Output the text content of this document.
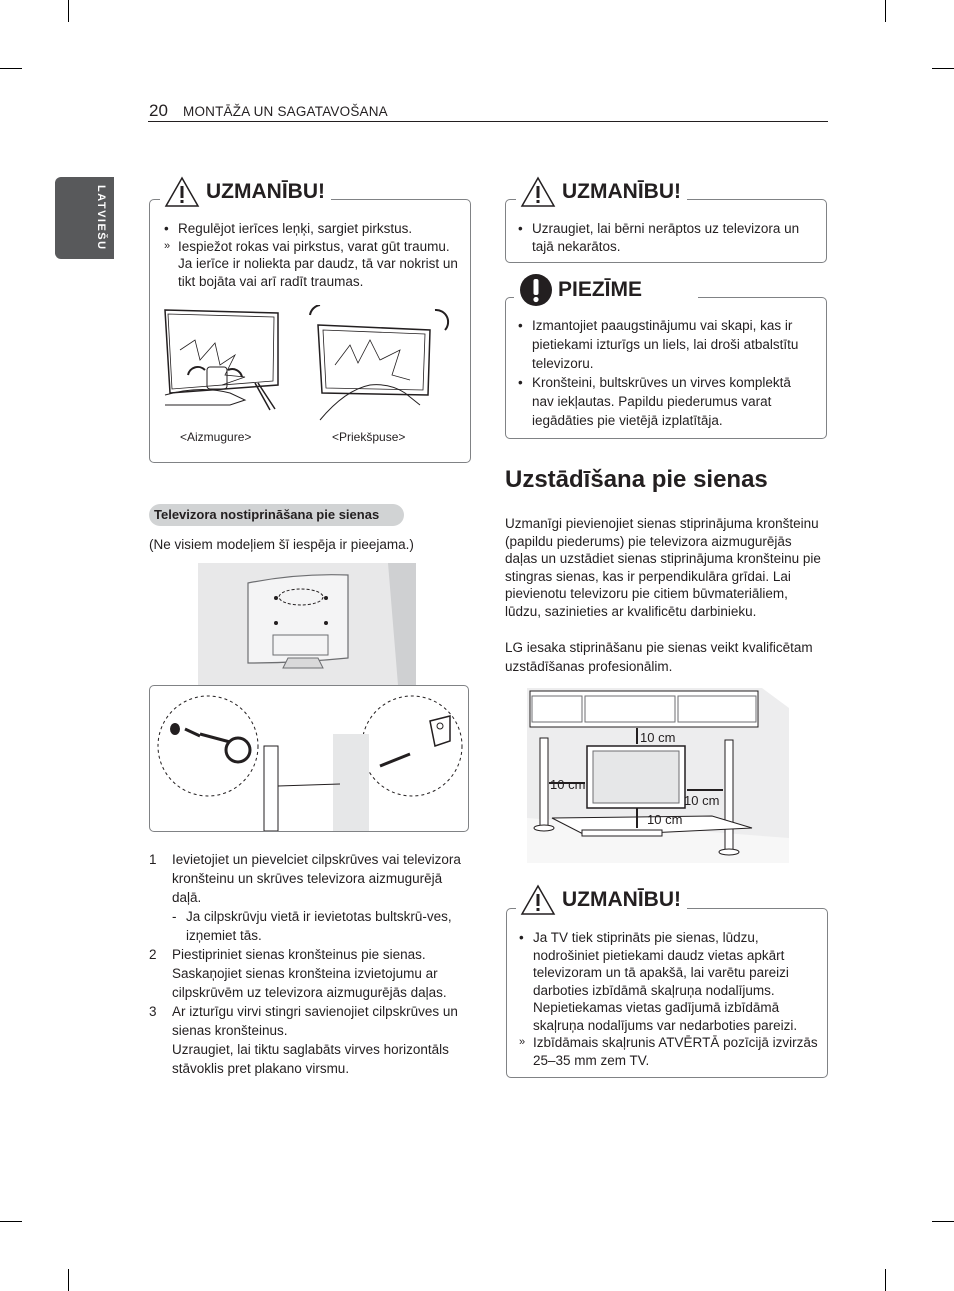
20 MONTĀŽA UN SAGATAVOŠANA
LATVIEŠU
•	Regulējot ierīces leņķi, sargiet pirkstus.
» Iespiežot rokas vai pirkstus, varat gūt traumu. Ja ierīce ir noliekta par daudz, tā var nokrist un tikt bojāta vai arī radīt traumas.
<Aizmugure>	<Priekšpuse>
UZMANĪBU!
Televizora nostiprināšana pie sienas
(Ne visiem modeļiem šī iespēja ir pieejama.)
1 Ievietojiet un pievelciet cilpskrūves vai televizora kronšteinu un skrūves televizora aizmugurējā daļā.
- Ja cilpskrūvju vietā ir ievietotas bultskrū-ves, izņemiet tās.
2 Piestipriniet sienas kronšteinus pie sienas. Saskaņojiet sienas kronšteina izvietojumu ar cilpskrūvēm uz televizora aizmugurējās daļas.
3 Ar izturīgu virvi stingri savienojiet cilpskrūves un sienas kronšteinus.
Uzraugiet, lai tiktu saglabāts virves horizontāls stāvoklis pret plakano virsmu.
• Uzraugiet, lai bērni nerāptos uz televizora un tajā nekarātos.
UZMANĪBU!
• Izmantojiet paaugstinājumu vai skapi, kas ir pietiekami izturīgs un liels, lai droši atbalstītu televizoru.
• Kronšteini, bultskrūves un virves komplektā nav iekļautas. Papildu piederumus varat iegādāties pie vietējā izplatītāja.
PIEZĪME
Uzstādīšana pie sienas
Uzmanīgi pievienojiet sienas stiprinājuma kronšteinu (papildu piederums) pie televizora aizmugurējās daļas un uzstādiet sienas stiprinājuma kronšteinu pie stingras sienas, kas ir perpendikulāra grīdai. Lai pievienotu televizoru pie citiem būvmateriāliem, lūdzu, sazinieties ar kvalificētu darbinieku.
LG iesaka stiprināšanu pie sienas veikt kvalificētam uzstādīšanas profesionālim.
10 cm
10 cm
10 cm
10 cm
• Ja TV tiek stiprināts pie sienas, lūdzu, nodrošiniet pietiekami daudz vietas apkārt televizoram un tā apakšā, lai varētu pareizi darboties izbīdāmā skaļruņa nodalījums. Nepietiekamas vietas gadījumā izbīdāmā skaļruņa nodalījums var nedarboties pareizi.
» Izbīdāmais skaļrunis ATVĒRTĀ pozīcijā izvirzās 25–35 mm zem TV.
UZMANĪBU!
